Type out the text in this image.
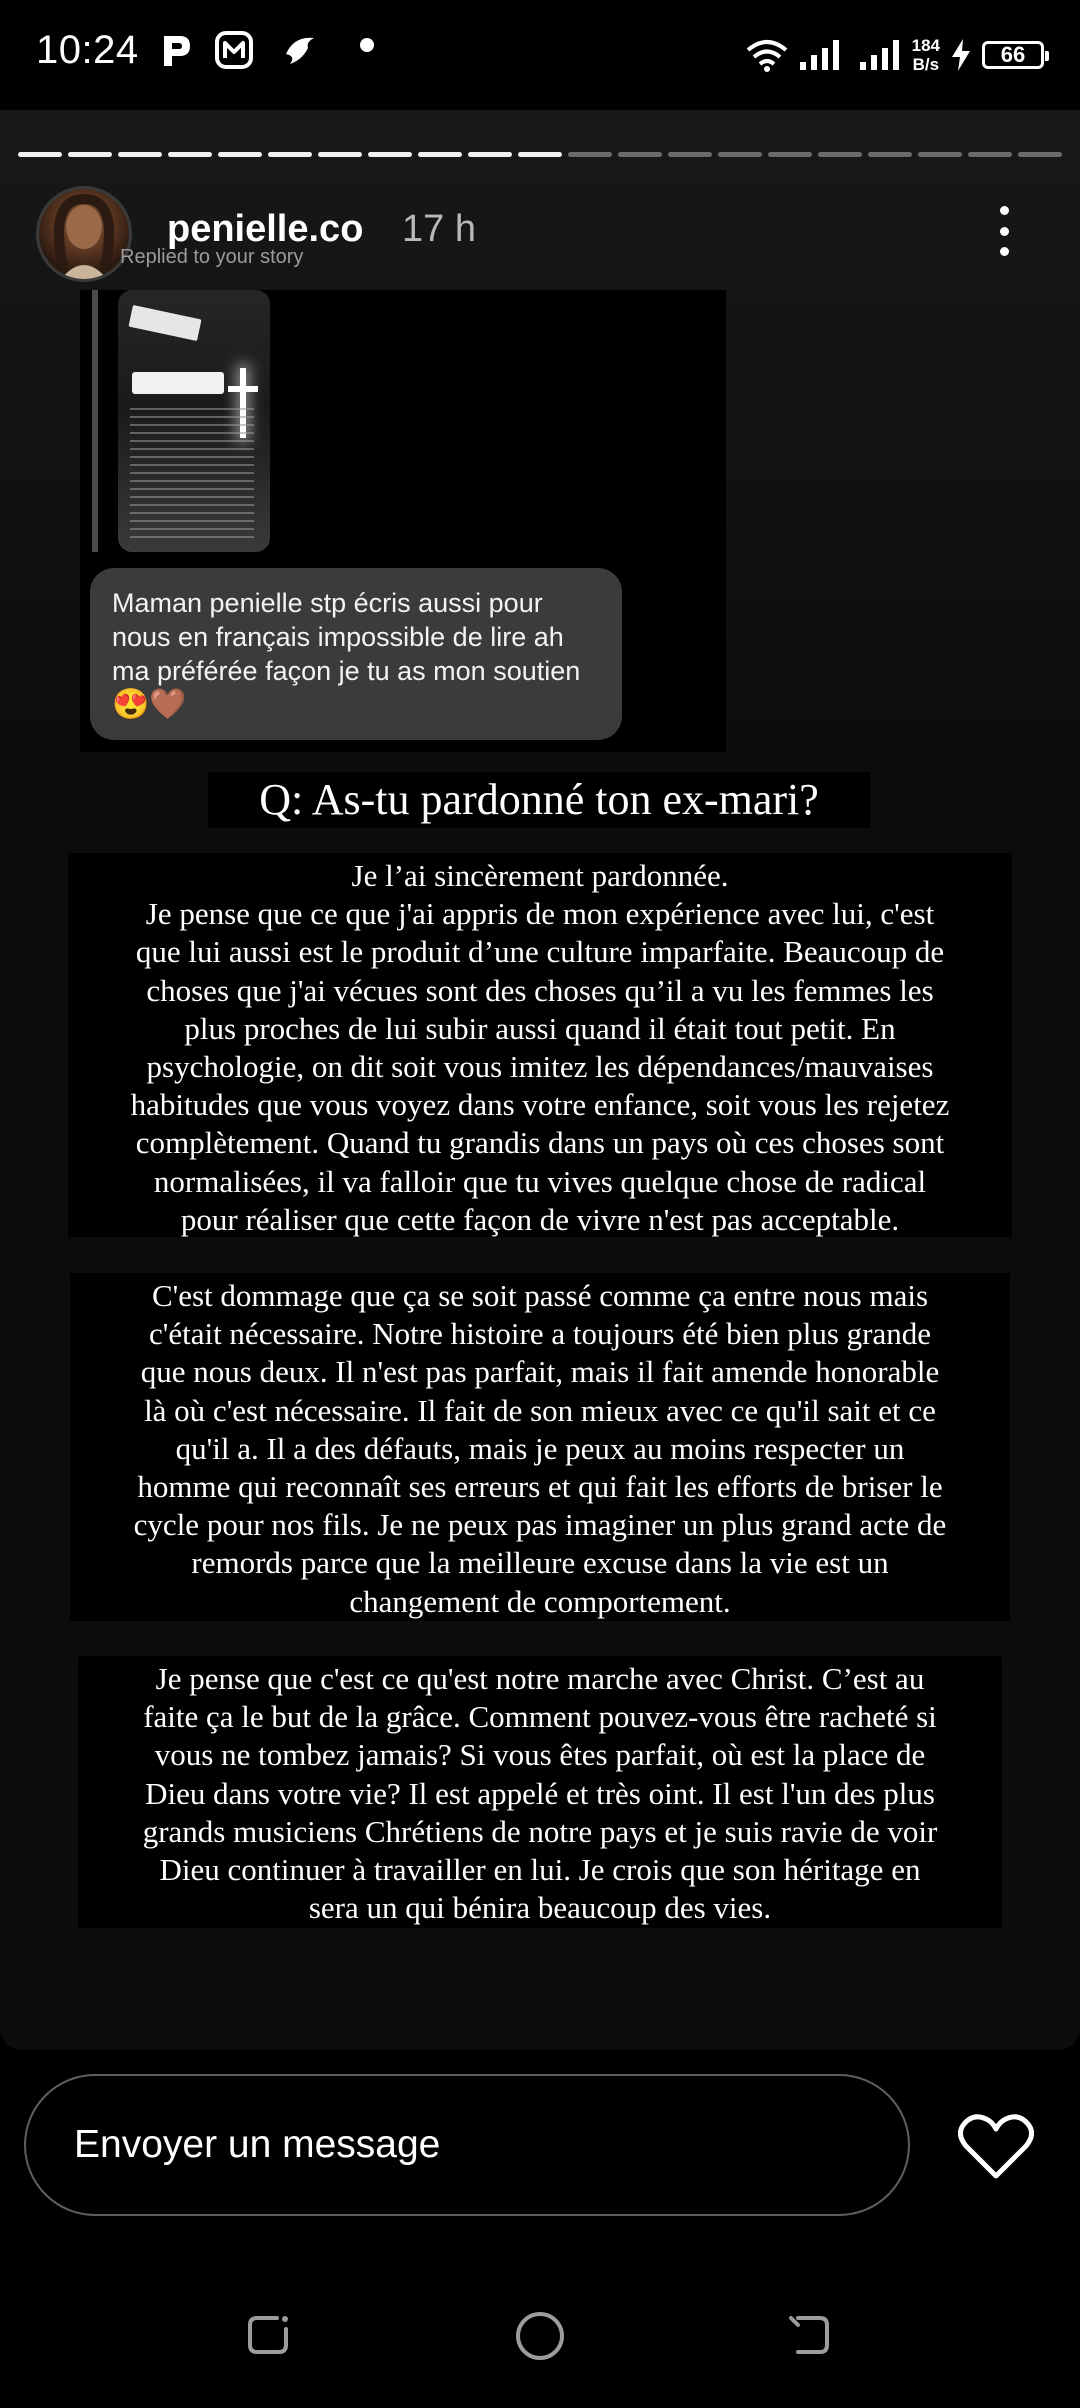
10:24	184
B/s	66
penielle.co 17 h
Replied to your story
Maman penielle stp écris aussi pour nous en français impossible de lire ah ma préférée façon je tu as mon soutien
😍🤎
Q: As-tu pardonné ton ex-mari?
Je l’ai sincèrement pardonnée.
Je pense que ce que j'ai appris de mon expérience avec lui, c'est
que lui aussi est le produit d’une culture imparfaite. Beaucoup de
choses que j'ai vécues sont des choses qu’il a vu les femmes les
plus proches de lui subir aussi quand il était tout petit. En
psychologie, on dit soit vous imitez les dépendances/mauvaises
habitudes que vous voyez dans votre enfance, soit vous les rejetez
complètement. Quand tu grandis dans un pays où ces choses sont
normalisées, il va falloir que tu vives quelque chose de radical
pour réaliser que cette façon de vivre n'est pas acceptable.
C'est dommage que ça se soit passé comme ça entre nous mais
c'était nécessaire. Notre histoire a toujours été bien plus grande
que nous deux. Il n'est pas parfait, mais il fait amende honorable
là où c'est nécessaire. Il fait de son mieux avec ce qu'il sait et ce
qu'il a. Il a des défauts, mais je peux au moins respecter un
homme qui reconnaît ses erreurs et qui fait les efforts de briser le
cycle pour nos fils. Je ne peux pas imaginer un plus grand acte de
remords parce que la meilleure excuse dans la vie est un
changement de comportement.
Je pense que c'est ce qu'est notre marche avec Christ. C’est au
faite ça le but de la grâce. Comment pouvez-vous être racheté si
vous ne tombez jamais? Si vous êtes parfait, où est la place de
Dieu dans votre vie? Il est appelé et très oint. Il est l'un des plus
grands musiciens Chrétiens de notre pays et je suis ravie de voir
Dieu continuer à travailler en lui. Je crois que son héritage en
sera un qui bénira beaucoup des vies.
Envoyer un message
